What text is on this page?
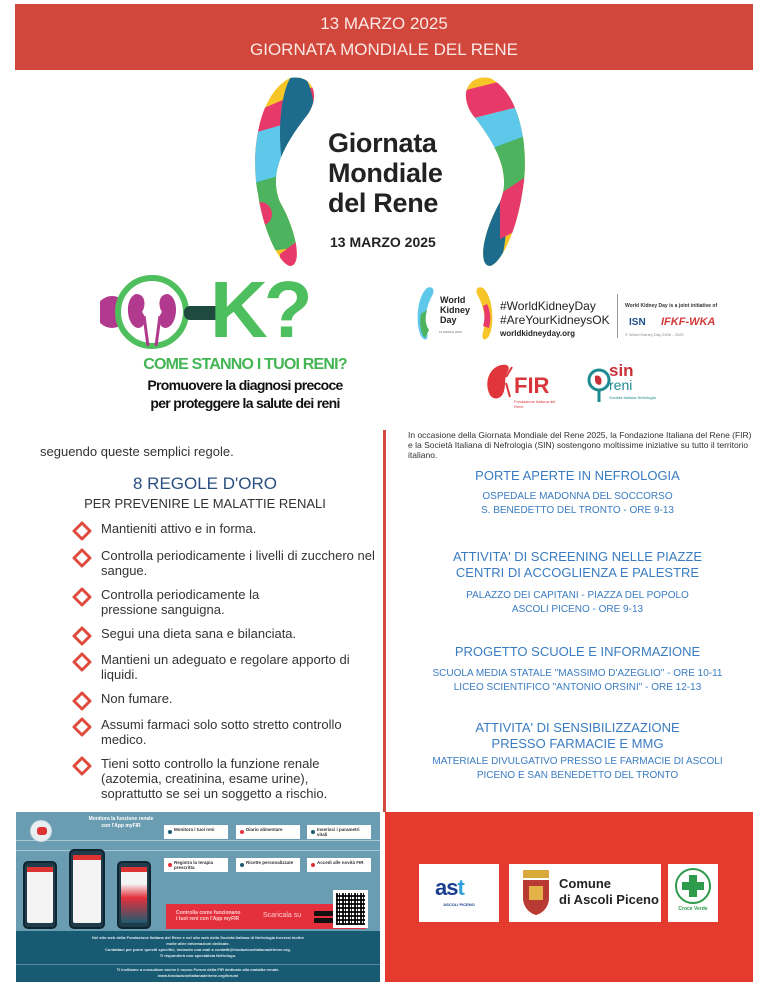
13 MARZO 2025
GIORNATA MONDIALE DEL RENE
Giornata
Mondiale
del Rene
13 MARZO 2025
K?
COME STANNO I TUOI RENI?
Promuovere la diagnosi precoce
per proteggere la salute dei reni
World
Kidney
Day
13 MARCH 2025
#WorldKidneyDay
#AreYourKidneysOK
worldkidneyday.org
World Kidney Day is a joint initiative of
ISN IFKF-WKA
© World Kidney Day 2006 - 2025
FIR
Fondazione Italiana del Rene
sin
reni
Società Italiana Nefrologia
seguendo queste semplici regole.
8 REGOLE D'ORO
PER PREVENIRE LE MALATTIE RENALI
Mantieniti attivo e in forma.
Controlla periodicamente i livelli di zucchero nel sangue.
Controlla periodicamente la pressione sanguigna.
Segui una dieta sana e bilanciata.
Mantieni un adeguato e regolare apporto di liquidi.
Non fumare.
Assumi farmaci solo sotto stretto controllo medico.
Tieni sotto controllo la funzione renale (azotemia, creatinina, esame urine), soprattutto se sei un soggetto a rischio.
In occasione della Giornata Mondiale del Rene 2025, la Fondazione Italiana del Rene (FIR) e la Società Italiana di Nefrologia (SIN) sostengono moltissime iniziative su tutto il territorio italiano.
PORTE APERTE IN NEFROLOGIA
OSPEDALE MADONNA DEL SOCCORSO
S. BENEDETTO DEL TRONTO - ORE 9-13
ATTIVITA' DI SCREENING NELLE PIAZZE
CENTRI DI ACCOGLIENZA E PALESTRE
PALAZZO DEI CAPITANI - PIAZZA DEL POPOLO
ASCOLI PICENO - ORE 9-13
PROGETTO SCUOLE E INFORMAZIONE
SCUOLA MEDIA STATALE "MASSIMO D'AZEGLIO" - ORE 10-11
LICEO SCIENTIFICO "ANTONIO ORSINI" - ORE 12-13
ATTIVITA' DI SENSIBILIZZAZIONE
PRESSO FARMACIE E MMG
MATERIALE DIVULGATIVO PRESSO LE FARMACIE DI ASCOLI
PICENO E SAN BENEDETTO DEL TRONTO
Monitora la funzione renale
con l'App myFIR
Monitora i tuoi reni	Diario alimentare	Inserisci i parametri vitali
Registra la terapia prescritta
Ricette personalizzate	Accedi alle novità FIR
Controlla come funzionano
i tuoi reni con l'App myFIR	Scaricala su
Nel sito web della Fondazione Italiana del Rene e nel sito web della Società Italiana di Nefrologia troverai inoltre
molte altre informazioni dedicate.
Contattaci per porre quesiti specifici, inviando una mail a contatti@fondazioneitalianadelrene.org.
Ti risponderà uno specialista Nefrologo.
Ti invitiamo a consultare anche il nuovo Forum della FIR dedicato alla malattia renale.
www.fondazioneitalianadelrene.org/forum/
ast
ASCOLI PICENO
Comune
di Ascoli Piceno
Croce Verde
